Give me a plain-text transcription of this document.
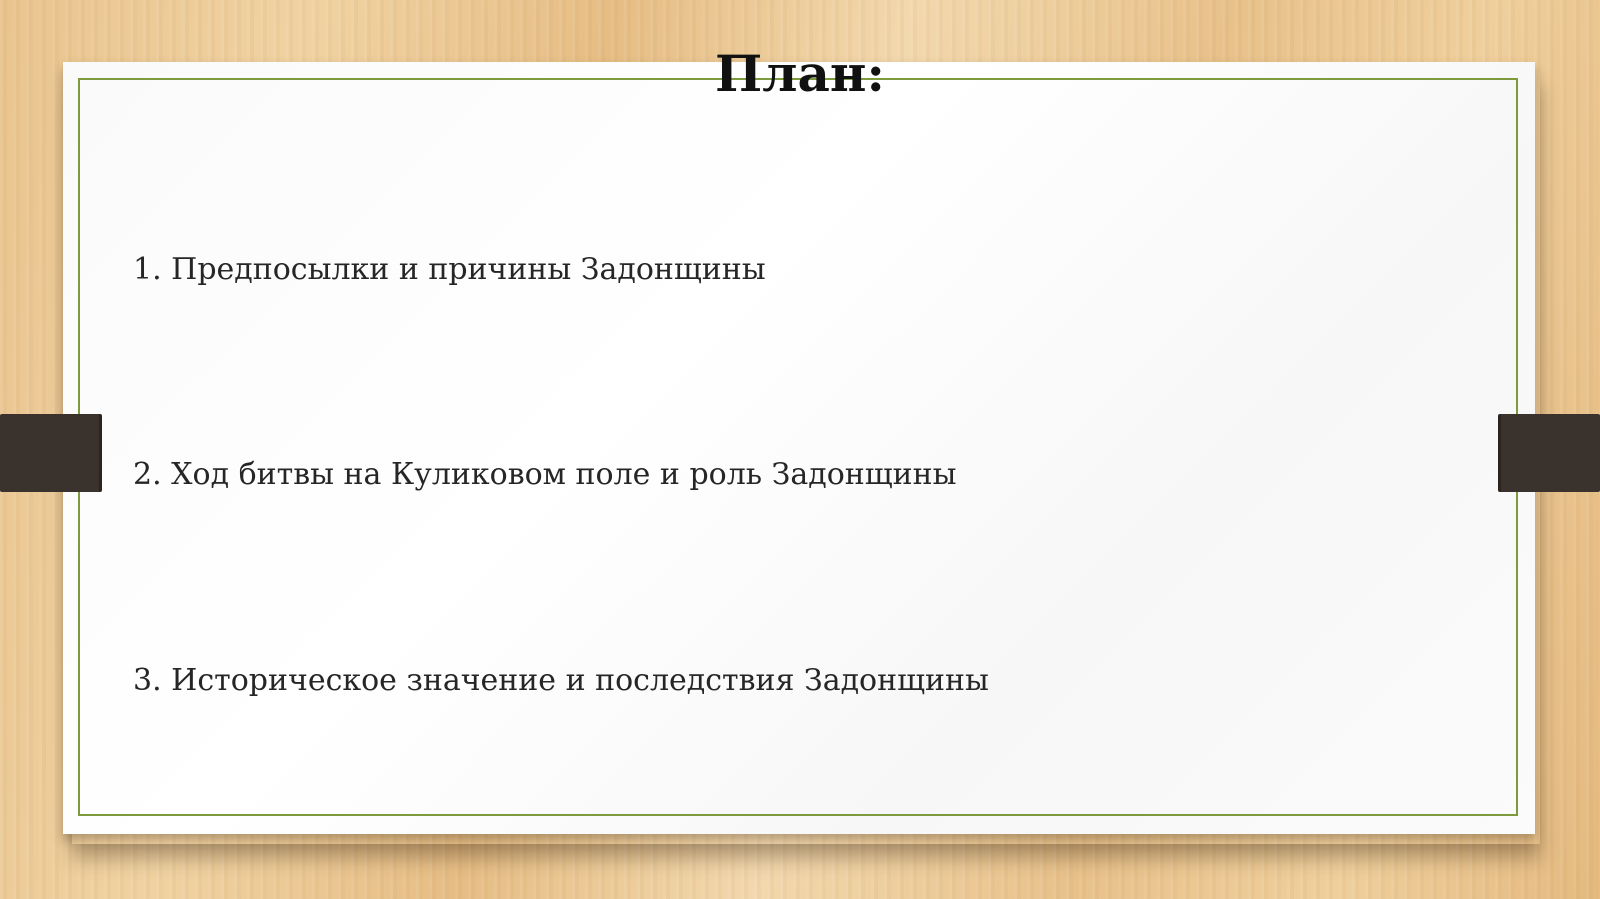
План:
1. Предпосылки и причины Задонщины
2. Ход битвы на Куликовом поле и роль Задонщины
3. Историческое значение и последствия Задонщины
